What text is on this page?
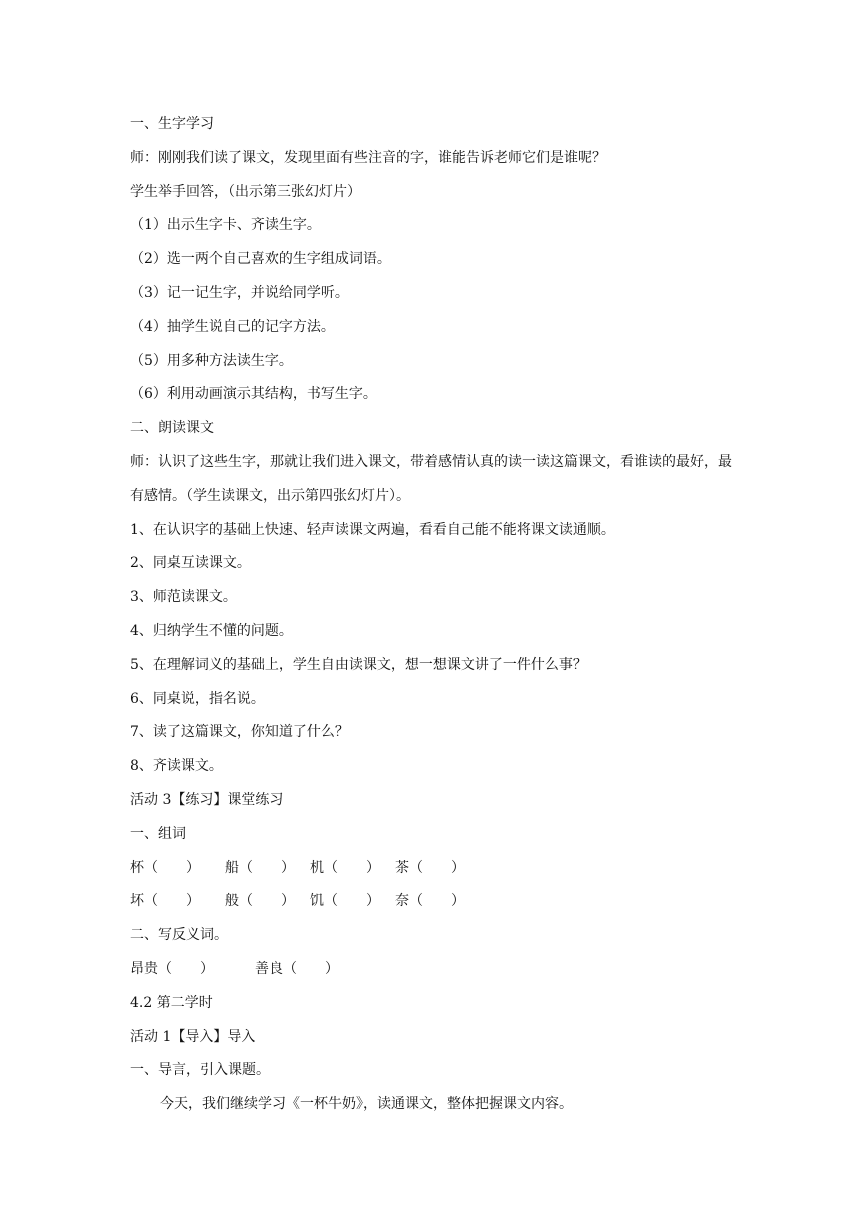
一、生字学习

师：刚刚我们读了课文，发现里面有些注音的字，谁能告诉老师它们是谁呢？

学生举手回答，（出示第三张幻灯片）

（1）出示生字卡、齐读生字。

（2）选一两个自己喜欢的生字组成词语。

（3）记一记生字，并说给同学听。

（4）抽学生说自己的记字方法。

（5）用多种方法读生字。

（6）利用动画演示其结构，书写生字。

二、朗读课文

师：认识了这些生字，那就让我们进入课文，带着感情认真的读一读这篇课文，看谁读的最好，最有感情。（学生读课文，出示第四张幻灯片）。

1、在认识字的基础上快速、轻声读课文两遍，看看自己能不能将课文读通顺。

2、同桌互读课文。

3、师范读课文。

4、归纳学生不懂的问题。

5、在理解词义的基础上，学生自由读课文，想一想课文讲了一件什么事？

6、同桌说，指名说。

7、读了这篇课文，你知道了什么？

8、齐读课文。

活动 3【练习】课堂练习

一、组词

杯（　　） 船（　　） 机（　　） 茶（　　）

坏（　　） 般（　　） 饥（　　） 奈（　　）

二、写反义词。

昂贵（　　）	善良（　　）

4.2 第二学时

活动 1【导入】导入

一、导言，引入课题。

今天，我们继续学习《一杯牛奶》，读通课文，整体把握课文内容。
